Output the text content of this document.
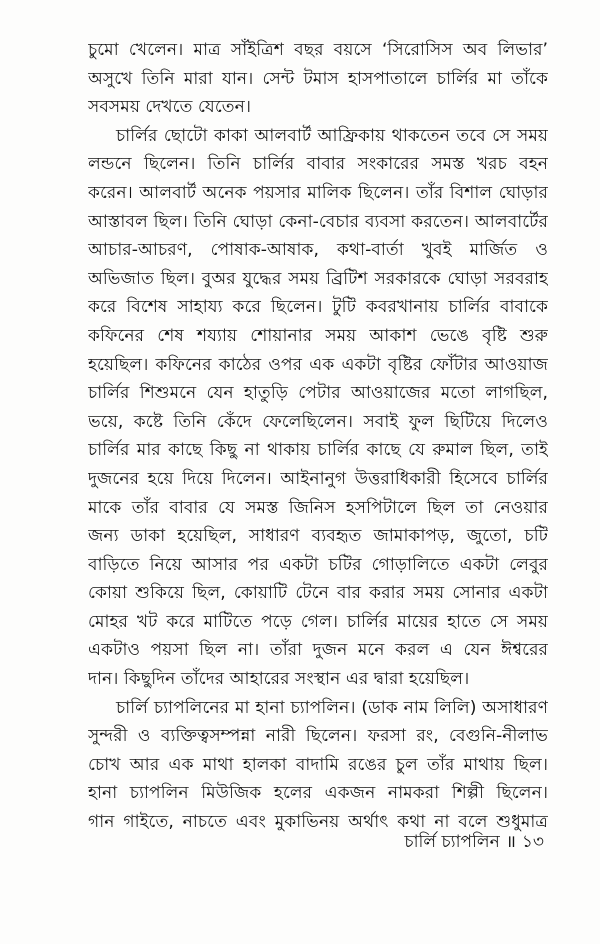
চুমো খেলেন। মাত্র সাঁইত্রিশ বছর বয়সে ‘সিরোসিস অব লিভার’
অসুখে তিনি মারা যান। সেন্ট টমাস হাসপাতালে চার্লির মা তাঁকে
সবসময় দেখতে যেতেন।
চার্লির ছোটো কাকা আলবার্ট আফ্রিকায় থাকতেন তবে সে সময়
লন্ডনে ছিলেন। তিনি চার্লির বাবার সংকারের সমস্ত খরচ বহন
করেন। আলবার্ট অনেক পয়সার মালিক ছিলেন। তাঁর বিশাল ঘোড়ার
আস্তাবল ছিল। তিনি ঘোড়া কেনা-বেচার ব্যবসা করতেন। আলবার্টের
আচার-আচরণ, পোষাক-আষাক, কথা-বার্তা খুবই মার্জিত ও
অভিজাত ছিল। বুঅর যুদ্ধের সময় ব্রিটিশ সরকারকে ঘোড়া সরবরাহ
করে বিশেষ সাহায্য করে ছিলেন। টুটি কবরখানায় চার্লির বাবাকে
কফিনের শেষ শয্যায় শোয়ানার সময় আকাশ ভেঙে বৃষ্টি শুরু
হয়েছিল। কফিনের কাঠের ওপর এক একটা বৃষ্টির ফোঁটার আওয়াজ
চার্লির শিশুমনে যেন হাতুড়ি পেটার আওয়াজের মতো লাগছিল,
ভয়ে, কষ্টে তিনি কেঁদে ফেলেছিলেন। সবাই ফুল ছিটিয়ে দিলেও
চার্লির মার কাছে কিছু না থাকায় চার্লির কাছে যে রুমাল ছিল, তাই
দুজনের হয়ে দিয়ে দিলেন। আইনানুগ উত্তরাধিকারী হিসেবে চার্লির
মাকে তাঁর বাবার যে সমস্ত জিনিস হসপিটালে ছিল তা নেওয়ার
জন্য ডাকা হয়েছিল, সাধারণ ব্যবহৃত জামাকাপড়, জুতো, চটি
বাড়িতে নিয়ে আসার পর একটা চটির গোড়ালিতে একটা লেবুর
কোয়া শুকিয়ে ছিল, কোয়াটি টেনে বার করার সময় সোনার একটা
মোহর খট করে মাটিতে পড়ে গেল। চার্লির মায়ের হাতে সে সময়
একটাও পয়সা ছিল না। তাঁরা দুজন মনে করল এ যেন ঈশ্বরের
দান। কিছুদিন তাঁদের আহারের সংস্থান এর দ্বারা হয়েছিল।
চার্লি চ্যাপলিনের মা হানা চ্যাপলিন। (ডাক নাম লিলি) অসাধারণ
সুন্দরী ও ব্যক্তিত্বসম্পন্না নারী ছিলেন। ফরসা রং, বেগুনি-নীলাভ
চোখ আর এক মাথা হালকা বাদামি রঙের চুল তাঁর মাথায় ছিল।
হানা চ্যাপলিন মিউজিক হলের একজন নামকরা শিল্পী ছিলেন।
গান গাইতে, নাচতে এবং মুকাভিনয় অর্থাৎ কথা না বলে শুধুমাত্র
চার্লি চ্যাপলিন ॥ ১৩
